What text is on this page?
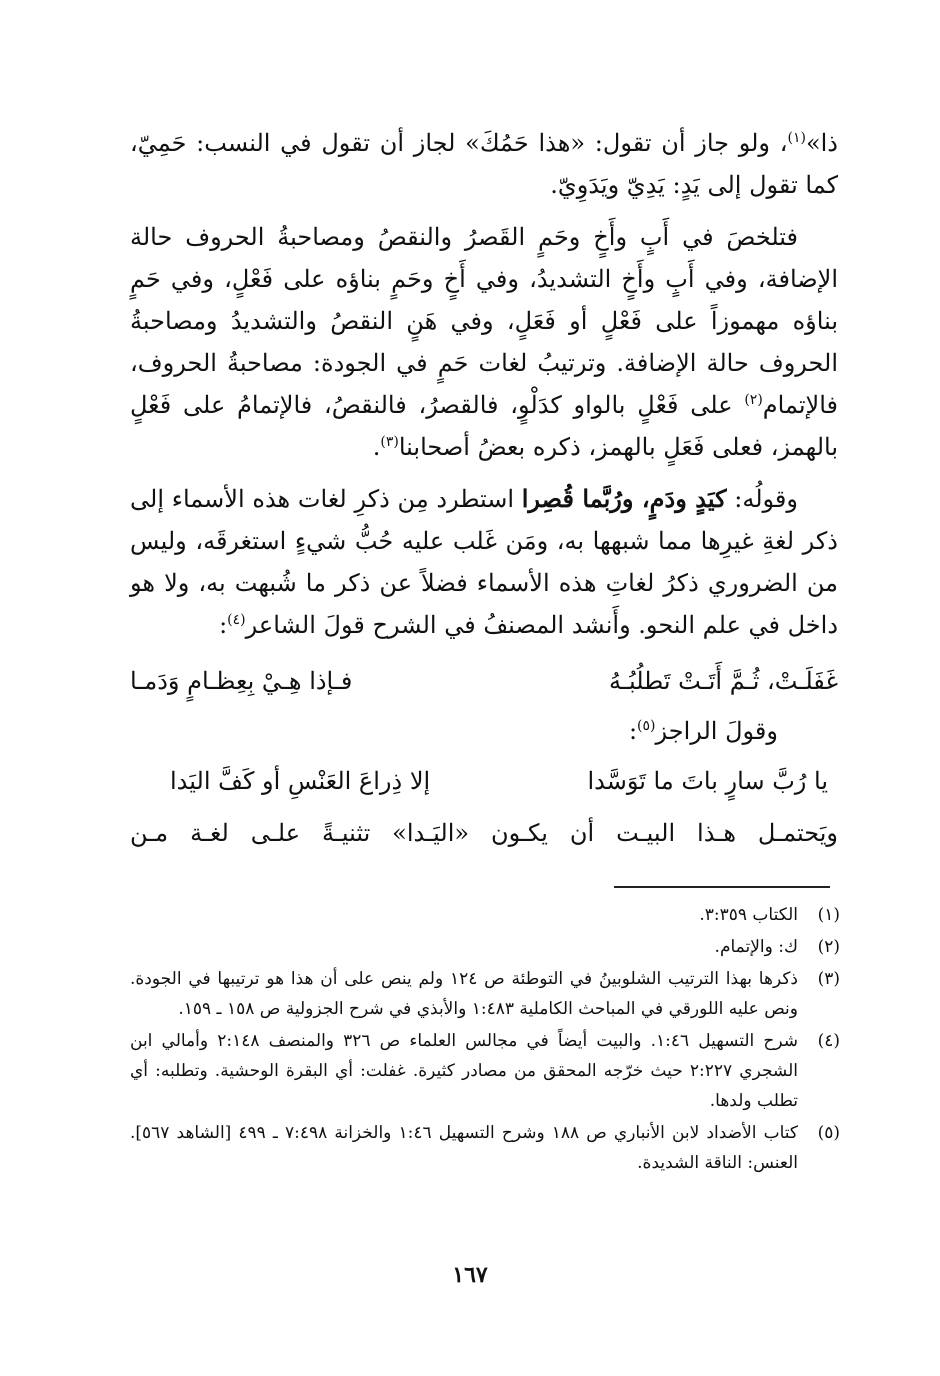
ذا»$^{(١)}$، ولو جاز أن تقول: «هذا حَمُكَ» لجاز أن تقول في النسب: حَمِيّ، كما تقول إلى يَدٍ: يَدِيّ ويَدَوِيّ.

فتلخصَ في أَبٍ وأَخٍ وحَمٍ القَصرُ والنقصُ ومصاحبةُ الحروف حالة الإضافة، وفي أَبٍ وأَخٍ التشديدُ، وفي أَخٍ وحَمٍ بناؤه على فَعْلٍ، وفي حَمٍ بناؤه مهموزاً على فَعْلٍ أو فَعَلٍ، وفي هَنٍ النقصُ والتشديدُ ومصاحبةُ الحروف حالة الإضافة. وترتيبُ لغات حَمٍ في الجودة: مصاحبةُ الحروف، فالإتمام$^{(٢)}$ على فَعْلٍ بالواو كدَلْوٍ، فالقصرُ، فالنقصُ، فالإتمامُ على فَعْلٍ بالهمز، فعلى فَعَلٍ بالهمز، ذكره بعضُ أصحابنا$^{(٣)}$.

وقولُه: كيَدٍ ودَمٍ، ورُبَّما قُصِرا استطرد مِن ذكرِ لغات هذه الأسماء إلى ذكر لغةِ غيرِها مما شبهها به، ومَن غَلب عليه حُبُّ شيءٍ استغرقَه، وليس من الضروري ذكرُ لغاتِ هذه الأسماء فضلاً عن ذكر ما شُبهت به، ولا هو داخل في علم النحو. وأَنشد المصنفُ في الشرح قولَ الشاعر$^{(٤)}$:

غَفَلَـتْ، ثُـمَّ أَتَـتْ تَطلُبُـهُ
فـإذا هِـيْ بِعِظـامٍ وَدَمـا

وقولَ الراجز$^{(٥)}$:

يا رُبَّ سارٍ باتَ ما تَوَسَّدا
إلا ذِراعَ العَنْسِ أو كَفَّ اليَدا

ويَحتمـل هـذا البيـت أن يكـون «اليَـدا» تثنيـةً علـى لغـة مـن

(١)
الكتاب ٣:٣٥٩.
(٢)
ك: والإتمام.
(٣)
ذكرها بهذا الترتيب الشلوبينُ في التوطئة ص ١٢٤ ولم ينص على أن هذا هو ترتيبها في الجودة. ونص عليه اللورقي في المباحث الكاملية ١:٤٨٣ والأبذي في شرح الجزولية ص ١٥٨ ـ ١٥٩.
(٤)
شرح التسهيل ١:٤٦. والبيت أيضاً في مجالس العلماء ص ٣٢٦ والمنصف ٢:١٤٨ وأمالي ابن الشجري ٢:٢٢٧ حيث خرّجه المحقق من مصادر كثيرة. غفلت: أي البقرة الوحشية. وتطلبه: أي تطلب ولدها.
(٥)
كتاب الأضداد لابن الأنباري ص ١٨٨ وشرح التسهيل ١:٤٦ والخزانة ٧:٤٩٨ ـ ٤٩٩ [الشاهد ٥٦٧]. العنس: الناقة الشديدة.
١٦٧
